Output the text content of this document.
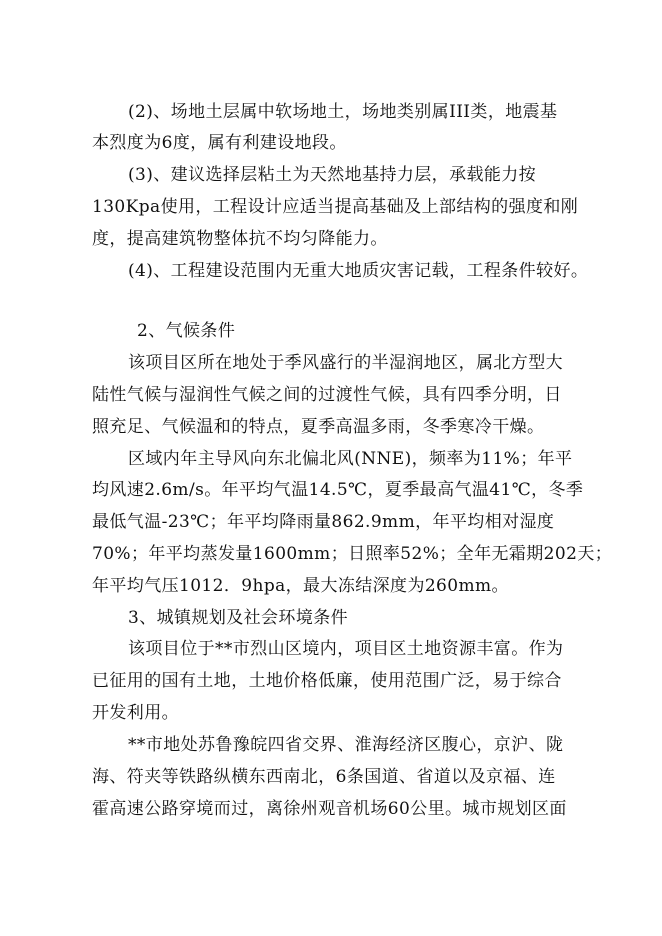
(2)、场地土层属中软场地土，场地类别属III类，地震基
本烈度为6度，属有利建设地段。
(3)、建议选择层粘土为天然地基持力层，承载能力按
130Kpa使用，工程设计应适当提高基础及上部结构的强度和刚
度，提高建筑物整体抗不均匀降能力。
(4)、工程建设范围内无重大地质灾害记载，工程条件较好。
2、气候条件
该项目区所在地处于季风盛行的半湿润地区，属北方型大
陆性气候与湿润性气候之间的过渡性气候，具有四季分明，日
照充足、气候温和的特点，夏季高温多雨，冬季寒冷干燥。
区域内年主导风向东北偏北风(NNE)，频率为11%；年平
均风速2.6m/s。年平均气温14.5℃，夏季最高气温41℃，冬季
最低气温-23℃；年平均降雨量862.9mm，年平均相对湿度
70%；年平均蒸发量1600mm；日照率52%；全年无霜期202天；
年平均气压1012．9hpa，最大冻结深度为260mm。
3、城镇规划及社会环境条件
该项目位于**市烈山区境内，项目区土地资源丰富。作为
已征用的国有土地，土地价格低廉，使用范围广泛，易于综合
开发利用。
**市地处苏鲁豫皖四省交界、淮海经济区腹心，京沪、陇
海、符夹等铁路纵横东西南北，6条国道、省道以及京福、连
霍高速公路穿境而过，离徐州观音机场60公里。城市规划区面
